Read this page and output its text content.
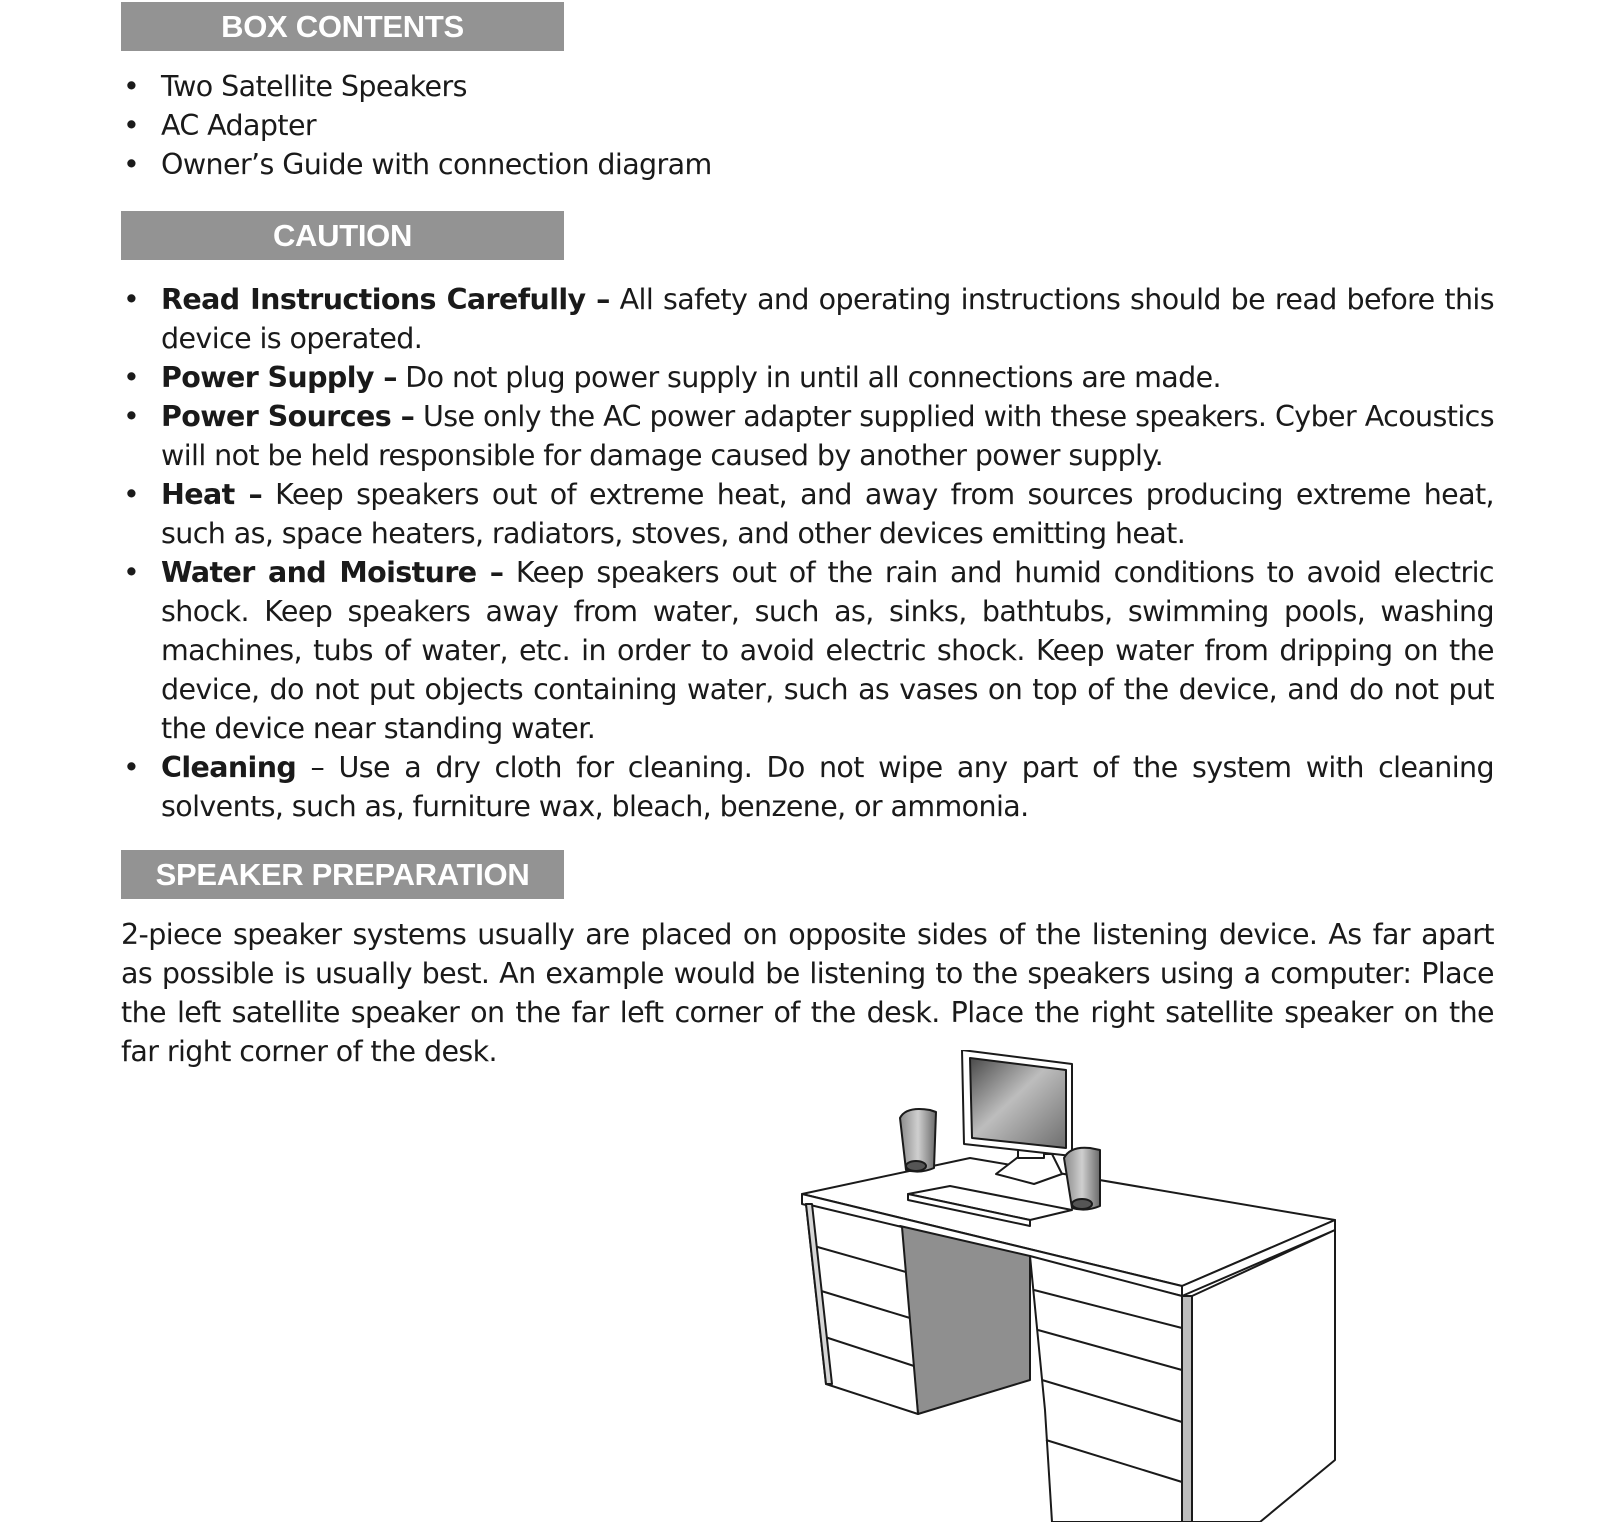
BOX CONTENTS
• Two Satellite Speakers
• AC Adapter
• Owner’s Guide with connection diagram
CAUTION
• Read Instructions Carefully – All safety and operating instructions should be read before this device is operated.
• Power Supply – Do not plug power supply in until all connections are made.
• Power Sources – Use only the AC power adapter supplied with these speakers. Cyber Acoustics will not be held responsible for damage caused by another power supply.
• Heat – Keep speakers out of extreme heat, and away from sources producing extreme heat, such as, space heaters, radiators, stoves, and other devices emitting heat.
• Water and Moisture – Keep speakers out of the rain and humid conditions to avoid electric shock. Keep speakers away from water, such as, sinks, bathtubs, swimming pools, washing machines, tubs of water, etc. in order to avoid electric shock. Keep water from dripping on the device, do not put objects containing water, such as vases on top of the device, and do not put the device near standing water.
• Cleaning – Use a dry cloth for cleaning. Do not wipe any part of the system with cleaning solvents, such as, furniture wax, bleach, benzene, or ammonia.
SPEAKER PREPARATION

2-piece speaker systems usually are placed on opposite sides of the listening device. As far apart as possible is usually best. An example would be listening to the speakers using a computer: Place the left satellite speaker on the far left corner of the desk. Place the right satellite speaker on the far right corner of the desk.
